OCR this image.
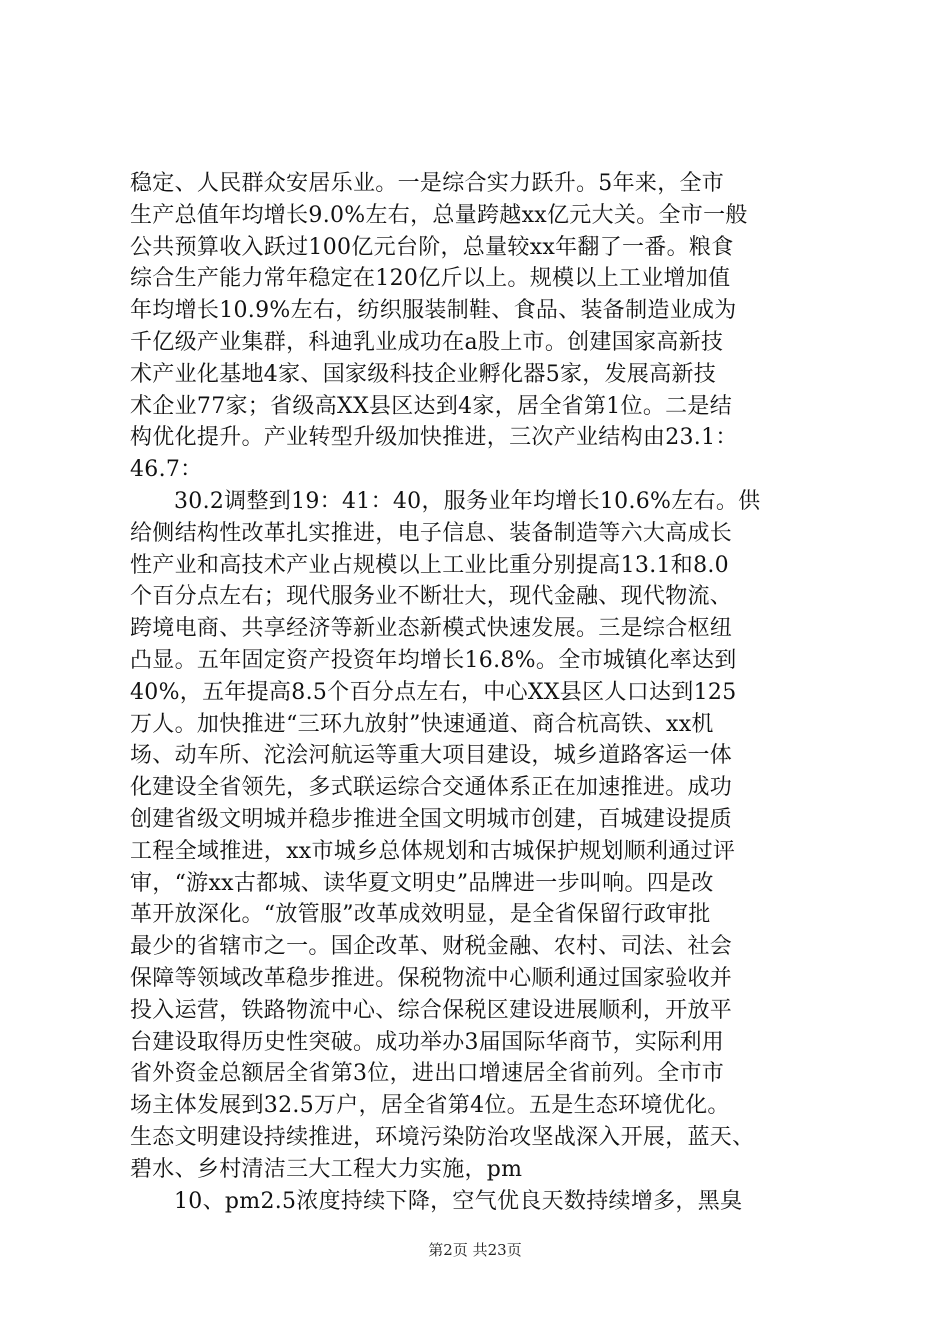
稳定、人民群众安居乐业。一是综合实力跃升。5年来，全市
生产总值年均增长9.0%左右，总量跨越xx亿元大关。全市一般
公共预算收入跃过100亿元台阶，总量较xx年翻了一番。粮食
综合生产能力常年稳定在120亿斤以上。规模以上工业增加值
年均增长10.9%左右，纺织服装制鞋、食品、装备制造业成为
千亿级产业集群，科迪乳业成功在a股上市。创建国家高新技
术产业化基地4家、国家级科技企业孵化器5家，发展高新技
术企业77家；省级高XX县区达到4家，居全省第1位。二是结
构优化提升。产业转型升级加快推进，三次产业结构由23.1：
46.7：
30.2调整到19：41：40，服务业年均增长10.6%左右。供
给侧结构性改革扎实推进，电子信息、装备制造等六大高成长
性产业和高技术产业占规模以上工业比重分别提高13.1和8.0
个百分点左右；现代服务业不断壮大，现代金融、现代物流、
跨境电商、共享经济等新业态新模式快速发展。三是综合枢纽
凸显。五年固定资产投资年均增长16.8%。全市城镇化率达到
40%，五年提高8.5个百分点左右，中心XX县区人口达到125
万人。加快推进“三环九放射”快速通道、商合杭高铁、xx机
场、动车所、沱浍河航运等重大项目建设，城乡道路客运一体
化建设全省领先，多式联运综合交通体系正在加速推进。成功
创建省级文明城并稳步推进全国文明城市创建，百城建设提质
工程全域推进，xx市城乡总体规划和古城保护规划顺利通过评
审，“游xx古都城、读华夏文明史”品牌进一步叫响。四是改
革开放深化。“放管服”改革成效明显，是全省保留行政审批
最少的省辖市之一。国企改革、财税金融、农村、司法、社会
保障等领域改革稳步推进。保税物流中心顺利通过国家验收并
投入运营，铁路物流中心、综合保税区建设进展顺利，开放平
台建设取得历史性突破。成功举办3届国际华商节，实际利用
省外资金总额居全省第3位，进出口增速居全省前列。全市市
场主体发展到32.5万户，居全省第4位。五是生态环境优化。
生态文明建设持续推进，环境污染防治攻坚战深入开展，蓝天、
碧水、乡村清洁三大工程大力实施，pm
10、pm2.5浓度持续下降，空气优良天数持续增多，黑臭
第2页 共23页
